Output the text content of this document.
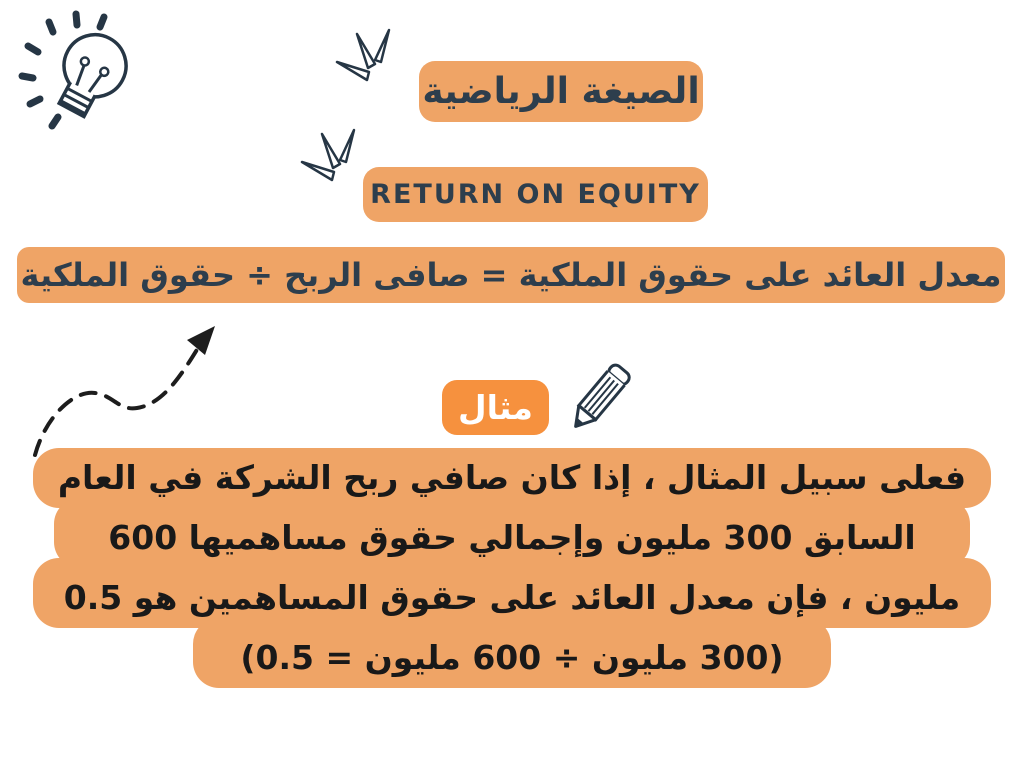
الصيغة الرياضية
RETURN ON EQUITY
معدل العائد على حقوق الملكية = صافى الربح ÷ حقوق الملكية
مثال
فعلى سبيل المثال ، إذا كان صافي ربح الشركة في العام
السابق 300 مليون وإجمالي حقوق مساهميها 600
مليون ، فإن معدل العائد على حقوق المساهمين هو 0.5
(300 مليون ÷ 600 مليون = 0.5)
